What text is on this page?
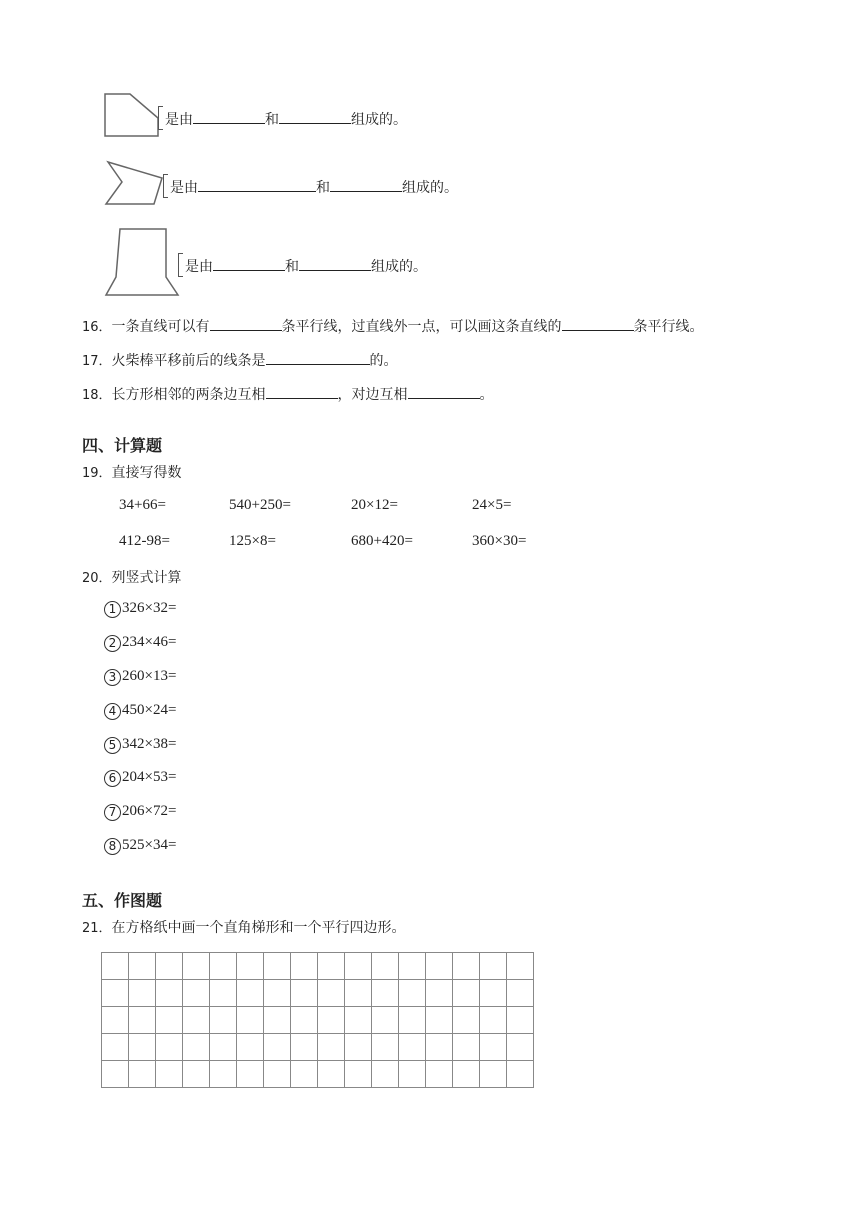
是由	和	组成的。
是由	和	组成的。
是由	和	组成的。
16．一条直线可以有	条平行线，过直线外一点，可以画这条直线的	条平行线。
17．火柴棒平移前后的线条是	的。
18．长方形相邻的两条边互相	，对边互相	。
四、计算题
19．直接写得数
34+66=	540+250=	20×12=	24×5=
412-98=	125×8=	680+420=	360×30=
20．列竖式计算
1 326×32=
2 234×46=
3 260×13=
4 450×24=
5 342×38=
6 204×53=
7 206×72=
8 525×34=
五、作图题
21．在方格纸中画一个直角梯形和一个平行四边形。
